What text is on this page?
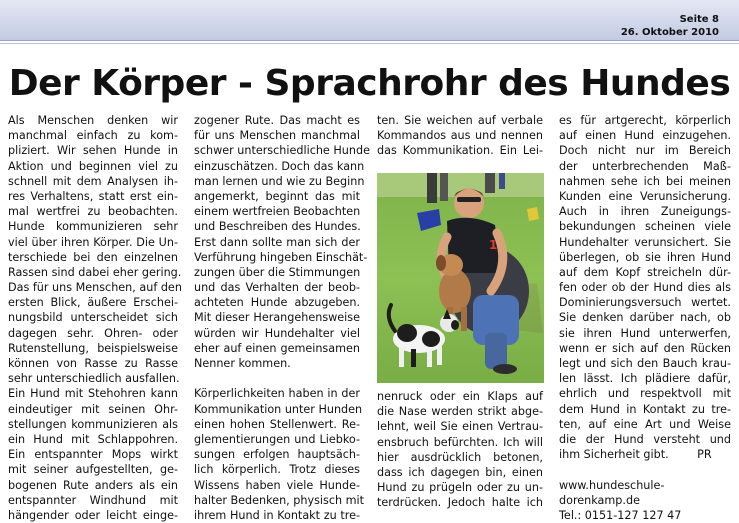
Seite 8
26. Oktober 2010
Der Körper - Sprachrohr des Hundes
Als Menschen denken wir
manchmal einfach zu kom-
pliziert. Wir sehen Hunde in
Aktion und beginnen viel zu
schnell mit dem Analysen ih-
res Verhaltens, statt erst ein-
mal wertfrei zu beobachten.
Hunde kommunizieren sehr
viel über ihren Körper. Die Un-
terschiede bei den einzelnen
Rassen sind dabei eher gering.
Das für uns Menschen, auf den
ersten Blick, äußere Erschei-
nungsbild unterscheidet sich
dagegen sehr. Ohren- oder
Rutenstellung, beispielsweise
können von Rasse zu Rasse
sehr unterschiedlich ausfallen.
Ein Hund mit Stehohren kann
eindeutiger mit seinen Ohr-
stellungen kommunizieren als
ein Hund mit Schlappohren.
Ein entspannter Mops wirkt
mit seiner aufgestellten, ge-
bogenen Rute anders als ein
entspannter Windhund mit
hängender oder leicht einge-
zogener Rute. Das macht es
für uns Menschen manchmal
schwer unterschiedliche Hunde
einzuschätzen. Doch das kann
man lernen und wie zu Beginn
angemerkt, beginnt das mit
einem wertfreien Beobachten
und Beschreiben des Hundes.
Erst dann sollte man sich der
Verführung hingeben Einschät-
zungen über die Stimmungen
und das Verhalten der beob-
achteten Hunde abzugeben.
Mit dieser Herangehensweise
würden wir Hundehalter viel
eher auf einen gemeinsamen
Nenner kommen.
Körperlichkeiten haben in der
Kommunikation unter Hunden
einen hohen Stellenwert. Re-
glementierungen und Liebko-
sungen erfolgen hauptsäch-
lich körperlich. Trotz dieses
Wissens haben viele Hunde-
halter Bedenken, physisch mit
ihrem Hund in Kontakt zu tre-
ten. Sie weichen auf verbale
Kommandos aus und nennen
das Kommunikation. Ein Lei-
12
nenruck oder ein Klaps auf
die Nase werden strikt abge-
lehnt, weil Sie einen Vertrau-
ensbruch befürchten. Ich will
hier ausdrücklich betonen,
dass ich dagegen bin, einen
Hund zu prügeln oder zu un-
terdrücken. Jedoch halte ich
es für artgerecht, körperlich
auf einen Hund einzugehen.
Doch nicht nur im Bereich
der unterbrechenden Maß-
nahmen sehe ich bei meinen
Kunden eine Verunsicherung.
Auch in ihren Zuneigungs-
bekundungen scheinen viele
Hundehalter verunsichert. Sie
überlegen, ob sie ihren Hund
auf dem Kopf streicheln dür-
fen oder ob der Hund dies als
Dominierungsversuch wertet.
Sie denken darüber nach, ob
sie ihren Hund unterwerfen,
wenn er sich auf den Rücken
legt und sich den Bauch krau-
len lässt. Ich plädiere dafür,
ehrlich und respektvoll mit
dem Hund in Kontakt zu tre-
ten, auf eine Art und Weise
die der Hund versteht und
ihm Sicherheit gibt.        PR
www.hundeschule-
dorenkamp.de
Tel.: 0151-127 127 47
